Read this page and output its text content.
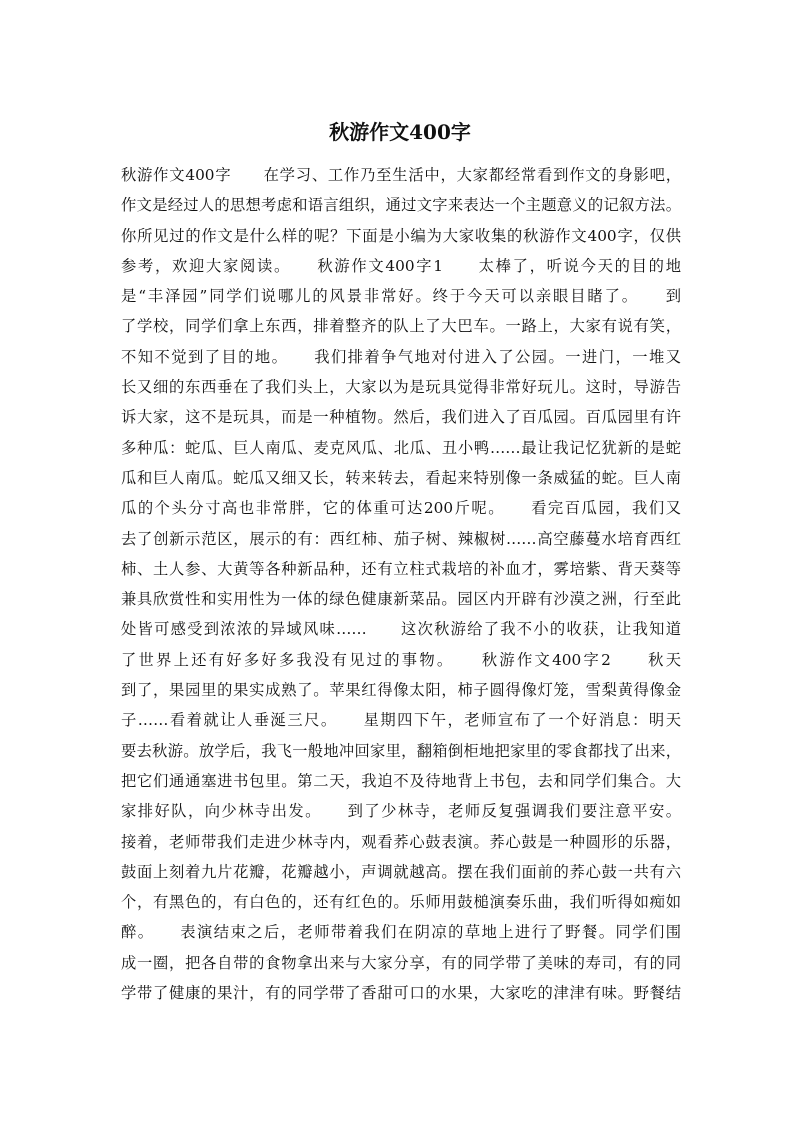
秋游作文400字
秋游作文400字　　在学习、工作乃至生活中，大家都经常看到作文的身影吧，
作文是经过人的思想考虑和语言组织，通过文字来表达一个主题意义的记叙方法。
你所见过的作文是什么样的呢？下面是小编为大家收集的秋游作文400字，仅供
参考，欢迎大家阅读。　　秋游作文400字1　　太棒了，听说今天的目的地
是“丰泽园”同学们说哪儿的风景非常好。终于今天可以亲眼目睹了。　　到
了学校，同学们拿上东西，排着整齐的队上了大巴车。一路上，大家有说有笑，
不知不觉到了目的地。　　我们排着争气地对付进入了公园。一进门，一堆又
长又细的东西垂在了我们头上，大家以为是玩具觉得非常好玩儿。这时，导游告
诉大家，这不是玩具，而是一种植物。然后，我们进入了百瓜园。百瓜园里有许
多种瓜：蛇瓜、巨人南瓜、麦克风瓜、北瓜、丑小鸭……最让我记忆犹新的是蛇
瓜和巨人南瓜。蛇瓜又细又长，转来转去，看起来特别像一条威猛的蛇。巨人南
瓜的个头分寸高也非常胖，它的体重可达200斤呢。　　看完百瓜园，我们又
去了创新示范区，展示的有：西红柿、茄子树、辣椒树……高空藤蔓水培育西红
柿、土人参、大黄等各种新品种，还有立柱式栽培的补血才，雾培紫、背天葵等
兼具欣赏性和实用性为一体的绿色健康新菜品。园区内开辟有沙漠之洲，行至此
处皆可感受到浓浓的异域风味……　　这次秋游给了我不小的收获，让我知道
了世界上还有好多好多我没有见过的事物。　　秋游作文400字2　　秋天
到了，果园里的果实成熟了。苹果红得像太阳，柿子圆得像灯笼，雪梨黄得像金
子……看着就让人垂涎三尺。　　星期四下午，老师宣布了一个好消息：明天
要去秋游。放学后，我飞一般地冲回家里，翻箱倒柜地把家里的零食都找了出来，
把它们通通塞进书包里。第二天，我迫不及待地背上书包，去和同学们集合。大
家排好队，向少林寺出发。　　到了少林寺，老师反复强调我们要注意平安。
接着，老师带我们走进少林寺内，观看荞心鼓表演。荞心鼓是一种圆形的乐器，
鼓面上刻着九片花瓣，花瓣越小，声调就越高。摆在我们面前的荞心鼓一共有六
个，有黑色的，有白色的，还有红色的。乐师用鼓槌演奏乐曲，我们听得如痴如
醉。　　表演结束之后，老师带着我们在阴凉的草地上进行了野餐。同学们围
成一圈，把各自带的食物拿出来与大家分享，有的同学带了美味的寿司，有的同
学带了健康的果汁，有的同学带了香甜可口的水果，大家吃的津津有味。野餐结
